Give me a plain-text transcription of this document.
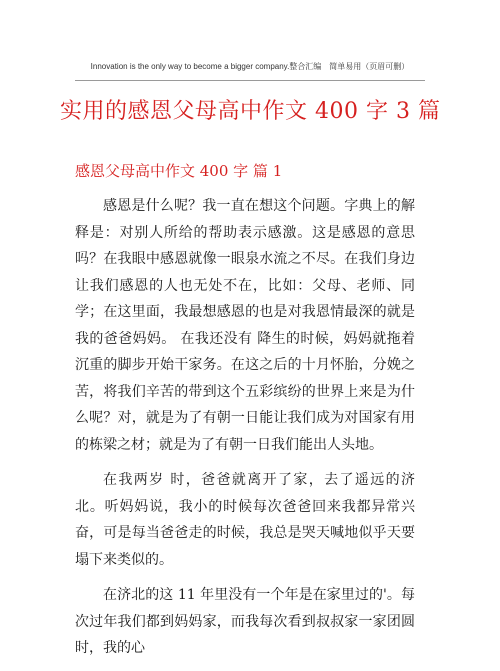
Innovation is the only way to become a bigger company.整合汇编　简单易用（页眉可删）
实用的感恩父母高中作文 400 字 3 篇
感恩父母高中作文 400 字 篇 1

感恩是什么呢？我一直在想这个问题。字典上的解释是：对别人所给的帮助表示感激。这是感恩的意思吗？在我眼中感恩就像一眼泉水流之不尽。在我们身边让我们感恩的人也无处不在，比如：父母、老师、同学；在这里面，我最想感恩的也是对我恩情最深的就是我的爸爸妈妈。 在我还没有 降生的时候，妈妈就拖着沉重的脚步开始干家务。在这之后的十月怀胎，分娩之苦，将我们辛苦的带到这个五彩缤纷的世界上来是为什么呢？对，就是为了有朝一日能让我们成为对国家有用的栋梁之材；就是为了有朝一日我们能出人头地。

在我两岁 时，爸爸就离开了家，去了遥远的济北。听妈妈说，我小的时候每次爸爸回来我都异常兴奋，可是每当爸爸走的时候，我总是哭天喊地似乎天要塌下来类似的。

在济北的这 11 年里没有一个年是在家里过的'。每次过年我们都到妈妈家，而我每次看到叔叔家一家团圆时，我的心
